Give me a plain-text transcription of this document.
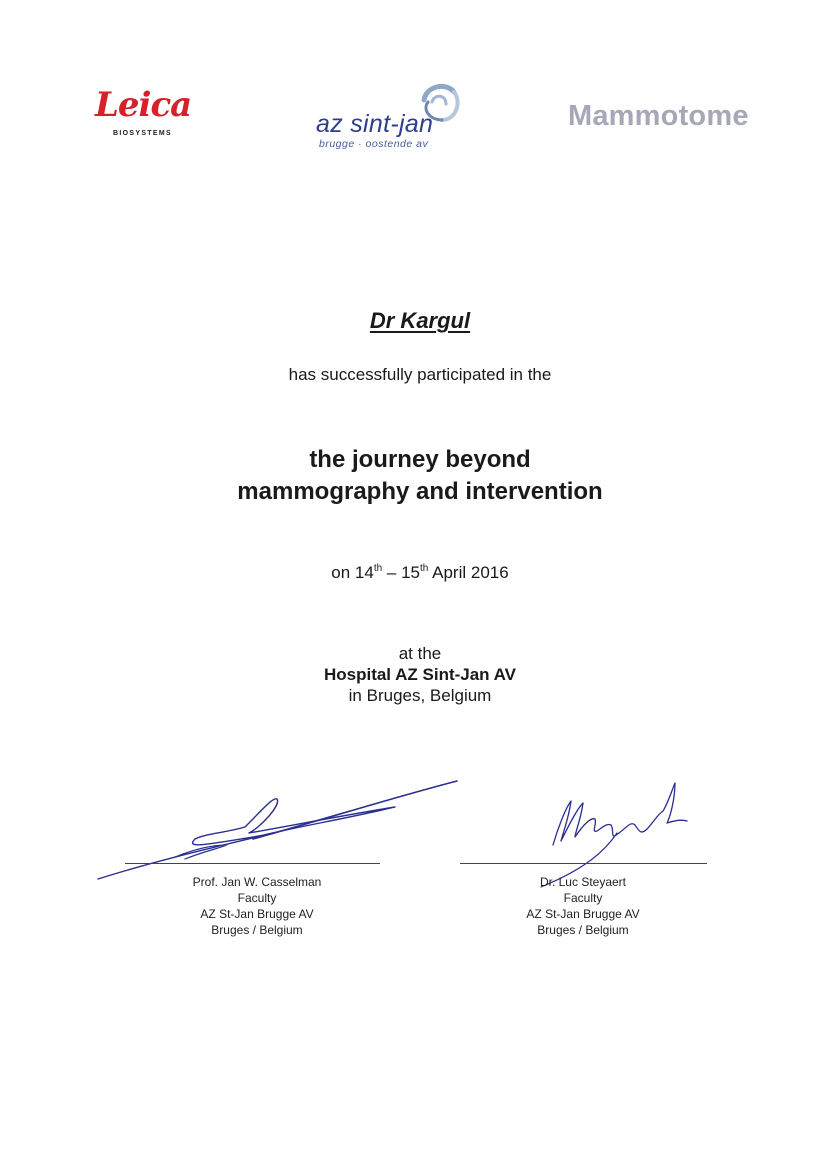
Leica
BIOSYSTEMS	az sint-jan
brugge · oostende av
Mammotome
Dr Kargul
has successfully participated in the
the journey beyond
mammography and intervention
on 14th – 15th April 2016
at the
Hospital AZ Sint-Jan AV
in Bruges, Belgium
Prof. Jan W. Casselman
Faculty
AZ St-Jan Brugge AV
Bruges / Belgium
Dr. Luc Steyaert
Faculty
AZ St-Jan Brugge AV
Bruges / Belgium
